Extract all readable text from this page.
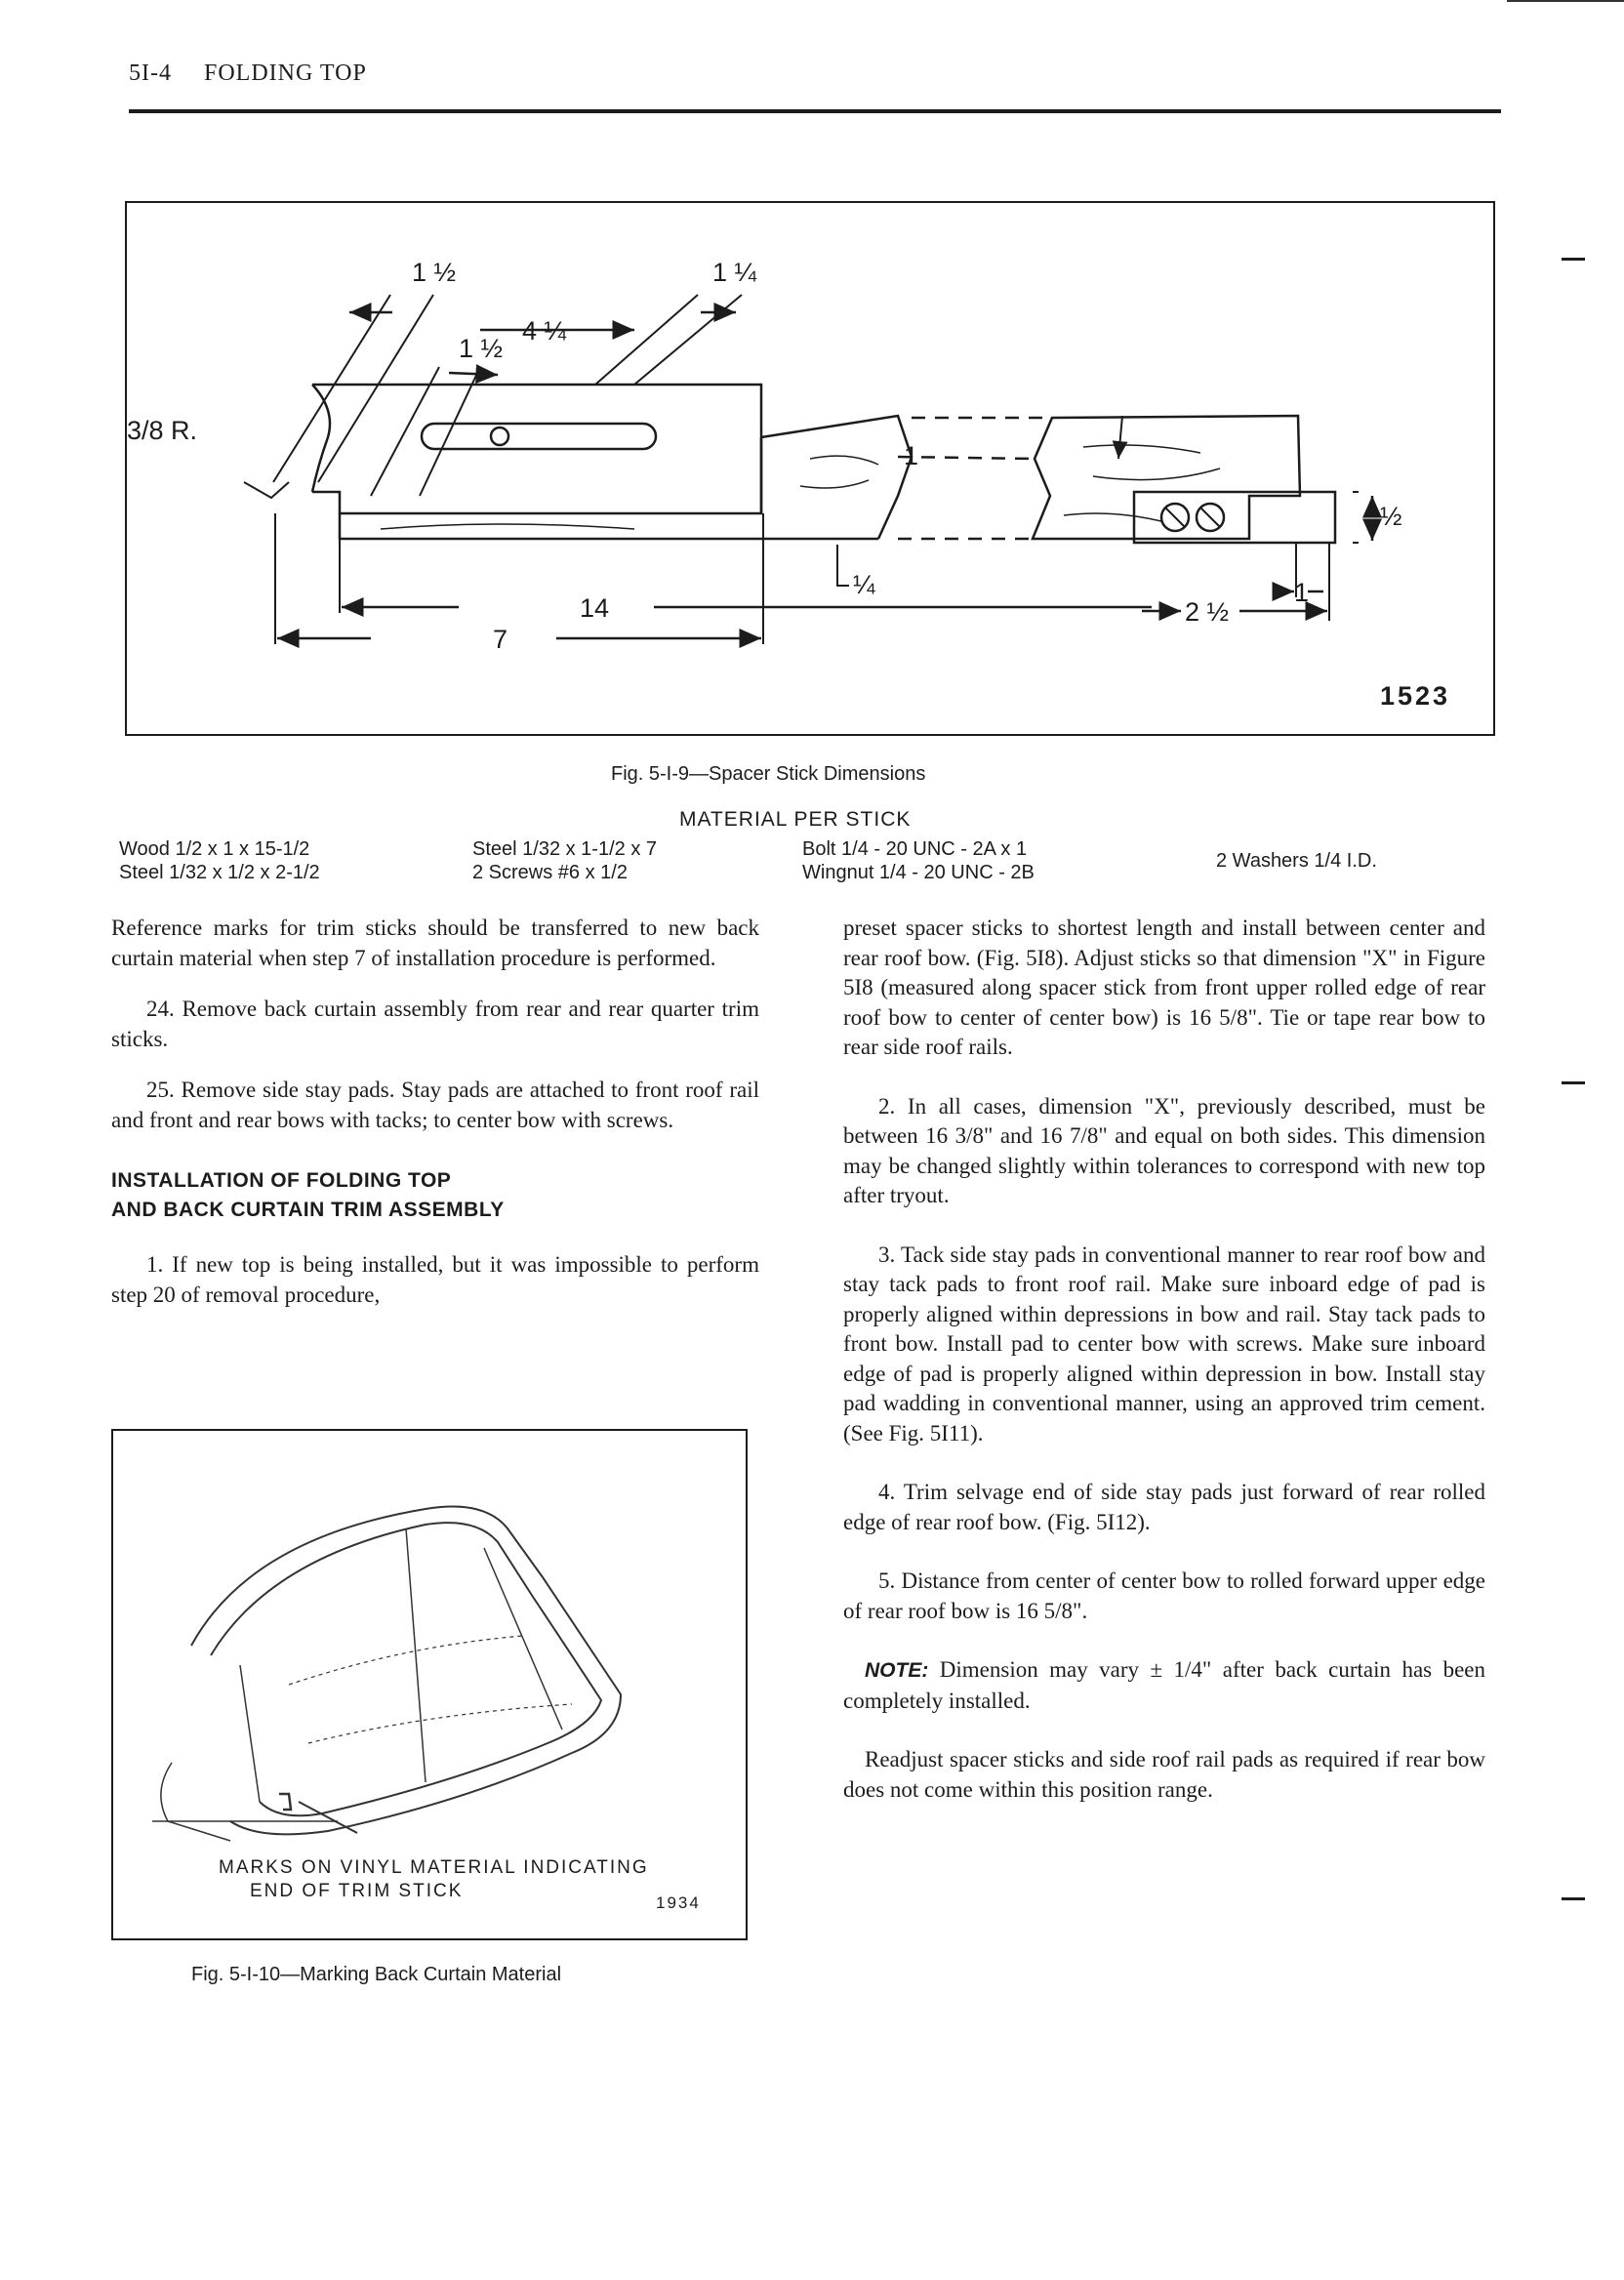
5I-4 FOLDING TOP
1 ½	1 ¼
4 ¼
1 ½
3/8 R.
¼
½
1
1
14
7
2 ½
1523
Fig. 5-I-9—Spacer Stick Dimensions
MATERIAL PER STICK
Wood 1/2 x 1 x 15-1/2
Steel 1/32 x 1/2 x 2-1/2
Steel 1/32 x 1-1/2 x 7
2 Screws #6 x 1/2
Bolt 1/4 - 20 UNC - 2A x 1
Wingnut 1/4 - 20 UNC - 2B
2 Washers 1/4 I.D.

Reference marks for trim sticks should be transferred to new back curtain material when step 7 of installation procedure is performed.

24. Remove back curtain assembly from rear and rear quarter trim sticks.

25. Remove side stay pads. Stay pads are attached to front roof rail and front and rear bows with tacks; to center bow with screws.

INSTALLATION OF FOLDING TOP
AND BACK CURTAIN TRIM ASSEMBLY

1. If new top is being installed, but it was impossible to perform step 20 of removal procedure,

MARKS ON VINYL MATERIAL INDICATING
END OF TRIM STICK
1934
Fig. 5-I-10—Marking Back Curtain Material

preset spacer sticks to shortest length and install between center and rear roof bow. (Fig. 5I8). Adjust sticks so that dimension "X" in Figure 5I8 (measured along spacer stick from front upper rolled edge of rear roof bow to center of center bow) is 16 5/8". Tie or tape rear bow to rear side roof rails.

2. In all cases, dimension "X", previously described, must be between 16 3/8" and 16 7/8" and equal on both sides. This dimension may be changed slightly within tolerances to correspond with new top after tryout.

3. Tack side stay pads in conventional manner to rear roof bow and stay tack pads to front roof rail. Make sure inboard edge of pad is properly aligned within depressions in bow and rail. Stay tack pads to front bow. Install pad to center bow with screws. Make sure inboard edge of pad is properly aligned within depression in bow. Install stay pad wadding in conventional manner, using an approved trim cement. (See Fig. 5I11).

4. Trim selvage end of side stay pads just forward of rear rolled edge of rear roof bow. (Fig. 5I12).

5. Distance from center of center bow to rolled forward upper edge of rear roof bow is 16 5/8".

NOTE: Dimension may vary ± 1/4" after back curtain has been completely installed.

Readjust spacer sticks and side roof rail pads as required if rear bow does not come within this position range.
